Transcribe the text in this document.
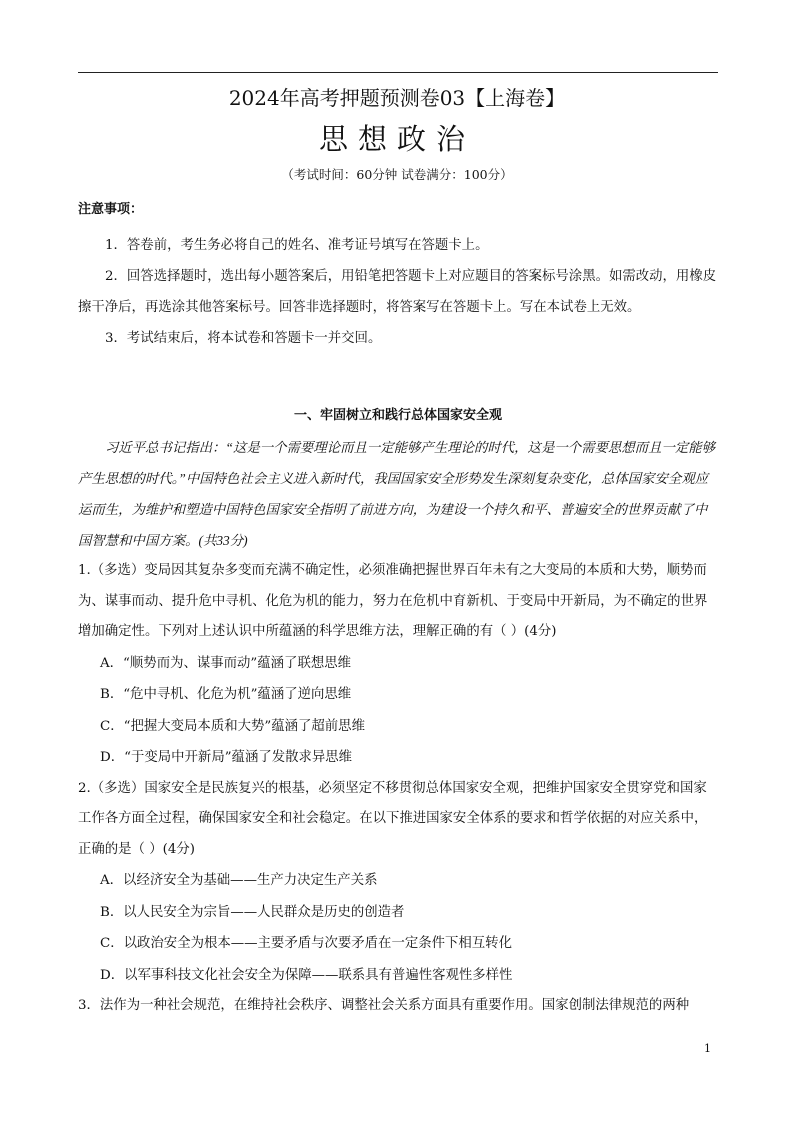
2024年高考押题预测卷03【上海卷】
思想政治
（考试时间：60分钟 试卷满分：100分）

注意事项：

1．答卷前，考生务必将自己的姓名、准考证号填写在答题卡上。

2．回答选择题时，选出每小题答案后，用铅笔把答题卡上对应题目的答案标号涂黑。如需改动，用橡皮擦干净后，再选涂其他答案标号。回答非选择题时，将答案写在答题卡上。写在本试卷上无效。

3．考试结束后，将本试卷和答题卡一并交回。

一、牢固树立和践行总体国家安全观

习近平总书记指出：“这是一个需要理论而且一定能够产生理论的时代，这是一个需要思想而且一定能够产生思想的时代。”中国特色社会主义进入新时代，我国国家安全形势发生深刻复杂变化，总体国家安全观应运而生，为维护和塑造中国特色国家安全指明了前进方向，为建设一个持久和平、普遍安全的世界贡献了中国智慧和中国方案。(共33分)

1.（多选）变局因其复杂多变而充满不确定性，必须准确把握世界百年未有之大变局的本质和大势，顺势而为、谋事而动、提升危中寻机、化危为机的能力，努力在危机中育新机、于变局中开新局，为不确定的世界增加确定性。下列对上述认识中所蕴涵的科学思维方法，理解正确的有（ ）(4分)

A．“顺势而为、谋事而动”蕴涵了联想思维

B．“危中寻机、化危为机”蕴涵了逆向思维

C．“把握大变局本质和大势”蕴涵了超前思维

D．“于变局中开新局”蕴涵了发散求异思维

2.（多选）国家安全是民族复兴的根基，必须坚定不移贯彻总体国家安全观，把维护国家安全贯穿党和国家工作各方面全过程，确保国家安全和社会稳定。在以下推进国家安全体系的要求和哲学依据的对应关系中，正确的是（ ）(4分)

A．以经济安全为基础——生产力决定生产关系

B．以人民安全为宗旨——人民群众是历史的创造者

C．以政治安全为根本——主要矛盾与次要矛盾在一定条件下相互转化

D．以军事科技文化社会安全为保障——联系具有普遍性客观性多样性

3．法作为一种社会规范，在维持社会秩序、调整社会关系方面具有重要作用。国家创制法律规范的两种

1
